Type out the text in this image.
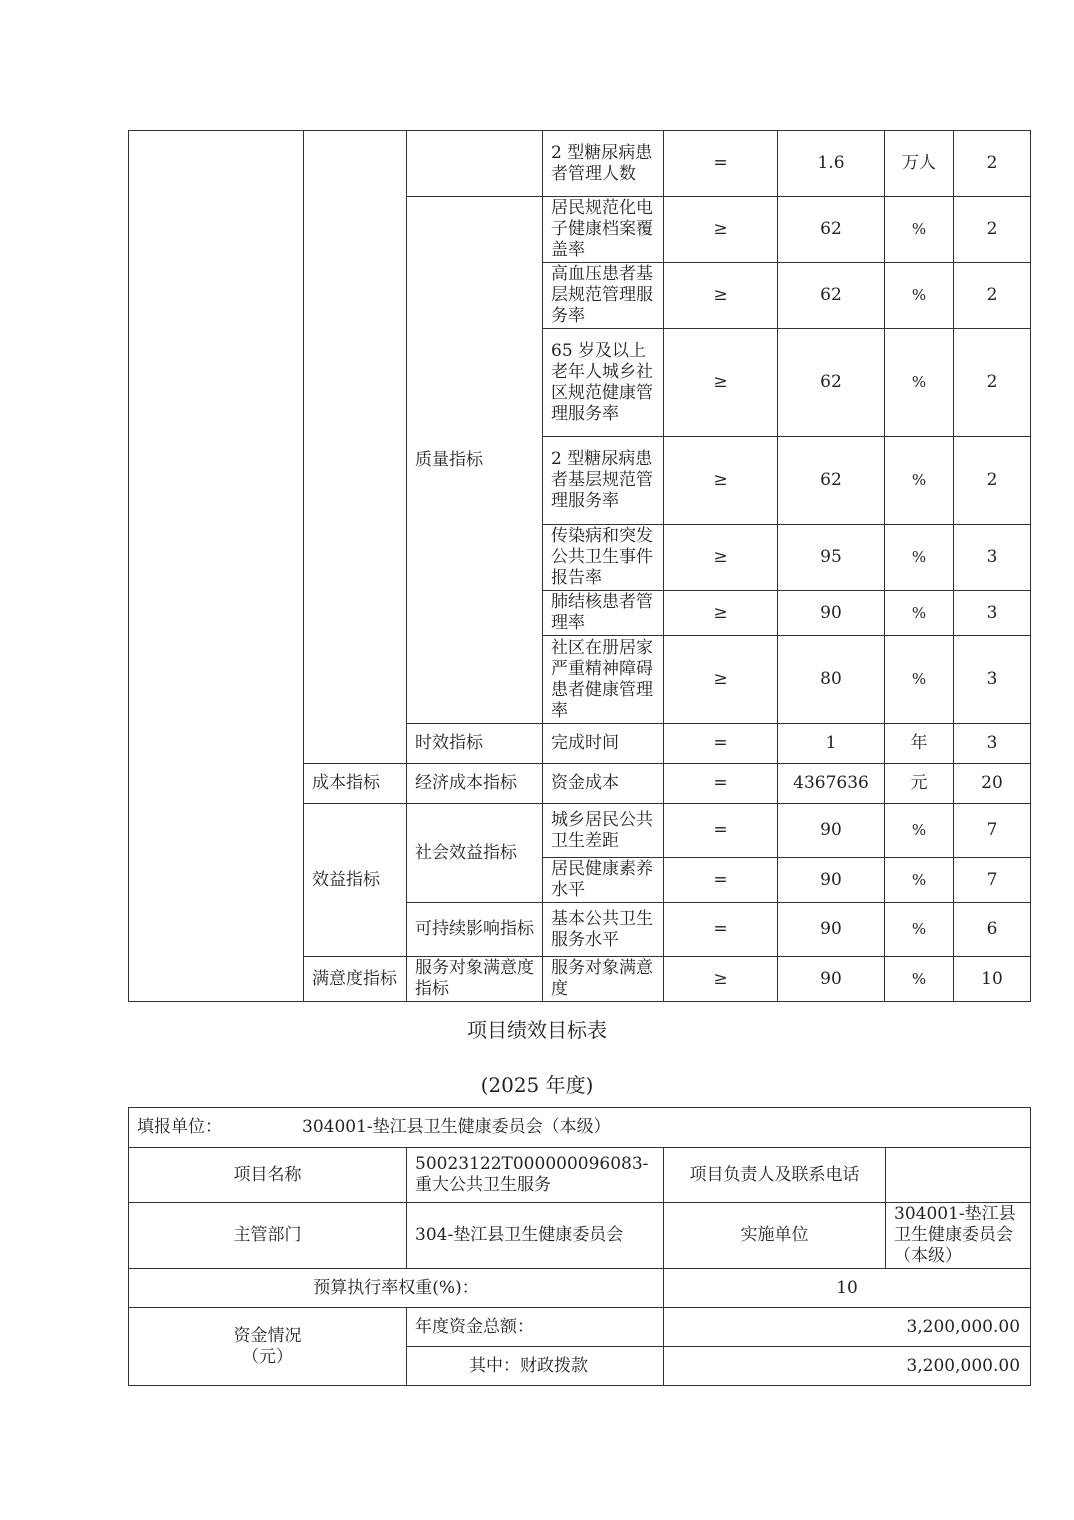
			2 型糖尿病患者管理人数	=	1.6	万人	2
		质量指标	居民规范化电子健康档案覆盖率	≥	62	%	2
			高血压患者基层规范管理服务率	≥	62	%	2
			65 岁及以上老年人城乡社区规范健康管理服务率	≥	62	%	2
			2 型糖尿病患者基层规范管理服务率	≥	62	%	2
			传染病和突发公共卫生事件报告率	≥	95	%	3
			肺结核患者管理率	≥	90	%	3
			社区在册居家严重精神障碍患者健康管理率	≥	80	%	3
		时效指标	完成时间	=	1	年	3
	成本指标	经济成本指标	资金成本	=	4367636	元	20
	效益指标	社会效益指标	城乡居民公共卫生差距	=	90	%	7
			居民健康素养水平	=	90	%	7
		可持续影响指标	基本公共卫生服务水平	=	90	%	6
	满意度指标	服务对象满意度指标	服务对象满意度	≥	90	%	10
项目绩效目标表
(2025 年度)
填报单位： 304001-垫江县卫生健康委员会（本级）			
项目名称	50023122T000000096083-重大公共卫生服务	项目负责人及联系电话	
主管部门	304-垫江县卫生健康委员会	实施单位	304001-垫江县卫生健康委员会（本级）
预算执行率权重(%)：		10	
资金情况（元）	年度资金总额：	3,200,000.00	
	其中：财政拨款	3,200,000.00	
